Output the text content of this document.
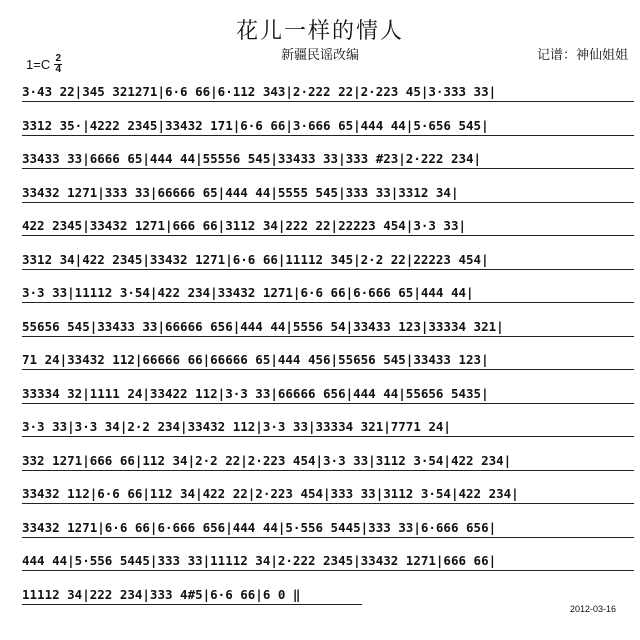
花儿一样的情人
新疆民谣改编	记谱：神仙姐姐
1=C 2
4
3·43 22|345 321271|6·6 66|6·112 343|2·222 22|2·223 45|3·333 33|
3312 35·|4222 2345|33432 171|6·6 66|3·666 65|444 44|5·656 545|
33433 33|6666 65|444 44|55556 545|33433 33|333 #23|2·222 234|
33432 1271|333 33|66666 65|444 44|5555 545|333 33|3312 34|
422 2345|33432 1271|666 66|3112 34|222 22|22223 454|3·3 33|
3312 34|422 2345|33432 1271|6·6 66|11112 345|2·2 22|22223 454|
3·3 33|11112 3·54|422 234|33432 1271|6·6 66|6·666 65|444 44|
55656 545|33433 33|66666 656|444 44|5556 54|33433 123|33334 321|
71 24|33432 112|66666 66|66666 65|444 456|55656 545|33433 123|
33334 32|1111 24|33422 112|3·3 33|66666 656|444 44|55656 5435|
3·3 33|3·3 34|2·2 234|33432 112|3·3 33|33334 321|7771 24|
332 1271|666 66|112 34|2·2 22|2·223 454|3·3 33|3112 3·54|422 234|
33432 112|6·6 66|112 34|422 22|2·223 454|333 33|3112 3·54|422 234|
33432 1271|6·6 66|6·666 656|444 44|5·556 5445|333 33|6·666 656|
444 44|5·556 5445|333 33|11112 34|2·222 2345|33432 1271|666 66|
11112 34|222 234|333 4#5|6·6 66|6 0 ‖
2012-03-16
